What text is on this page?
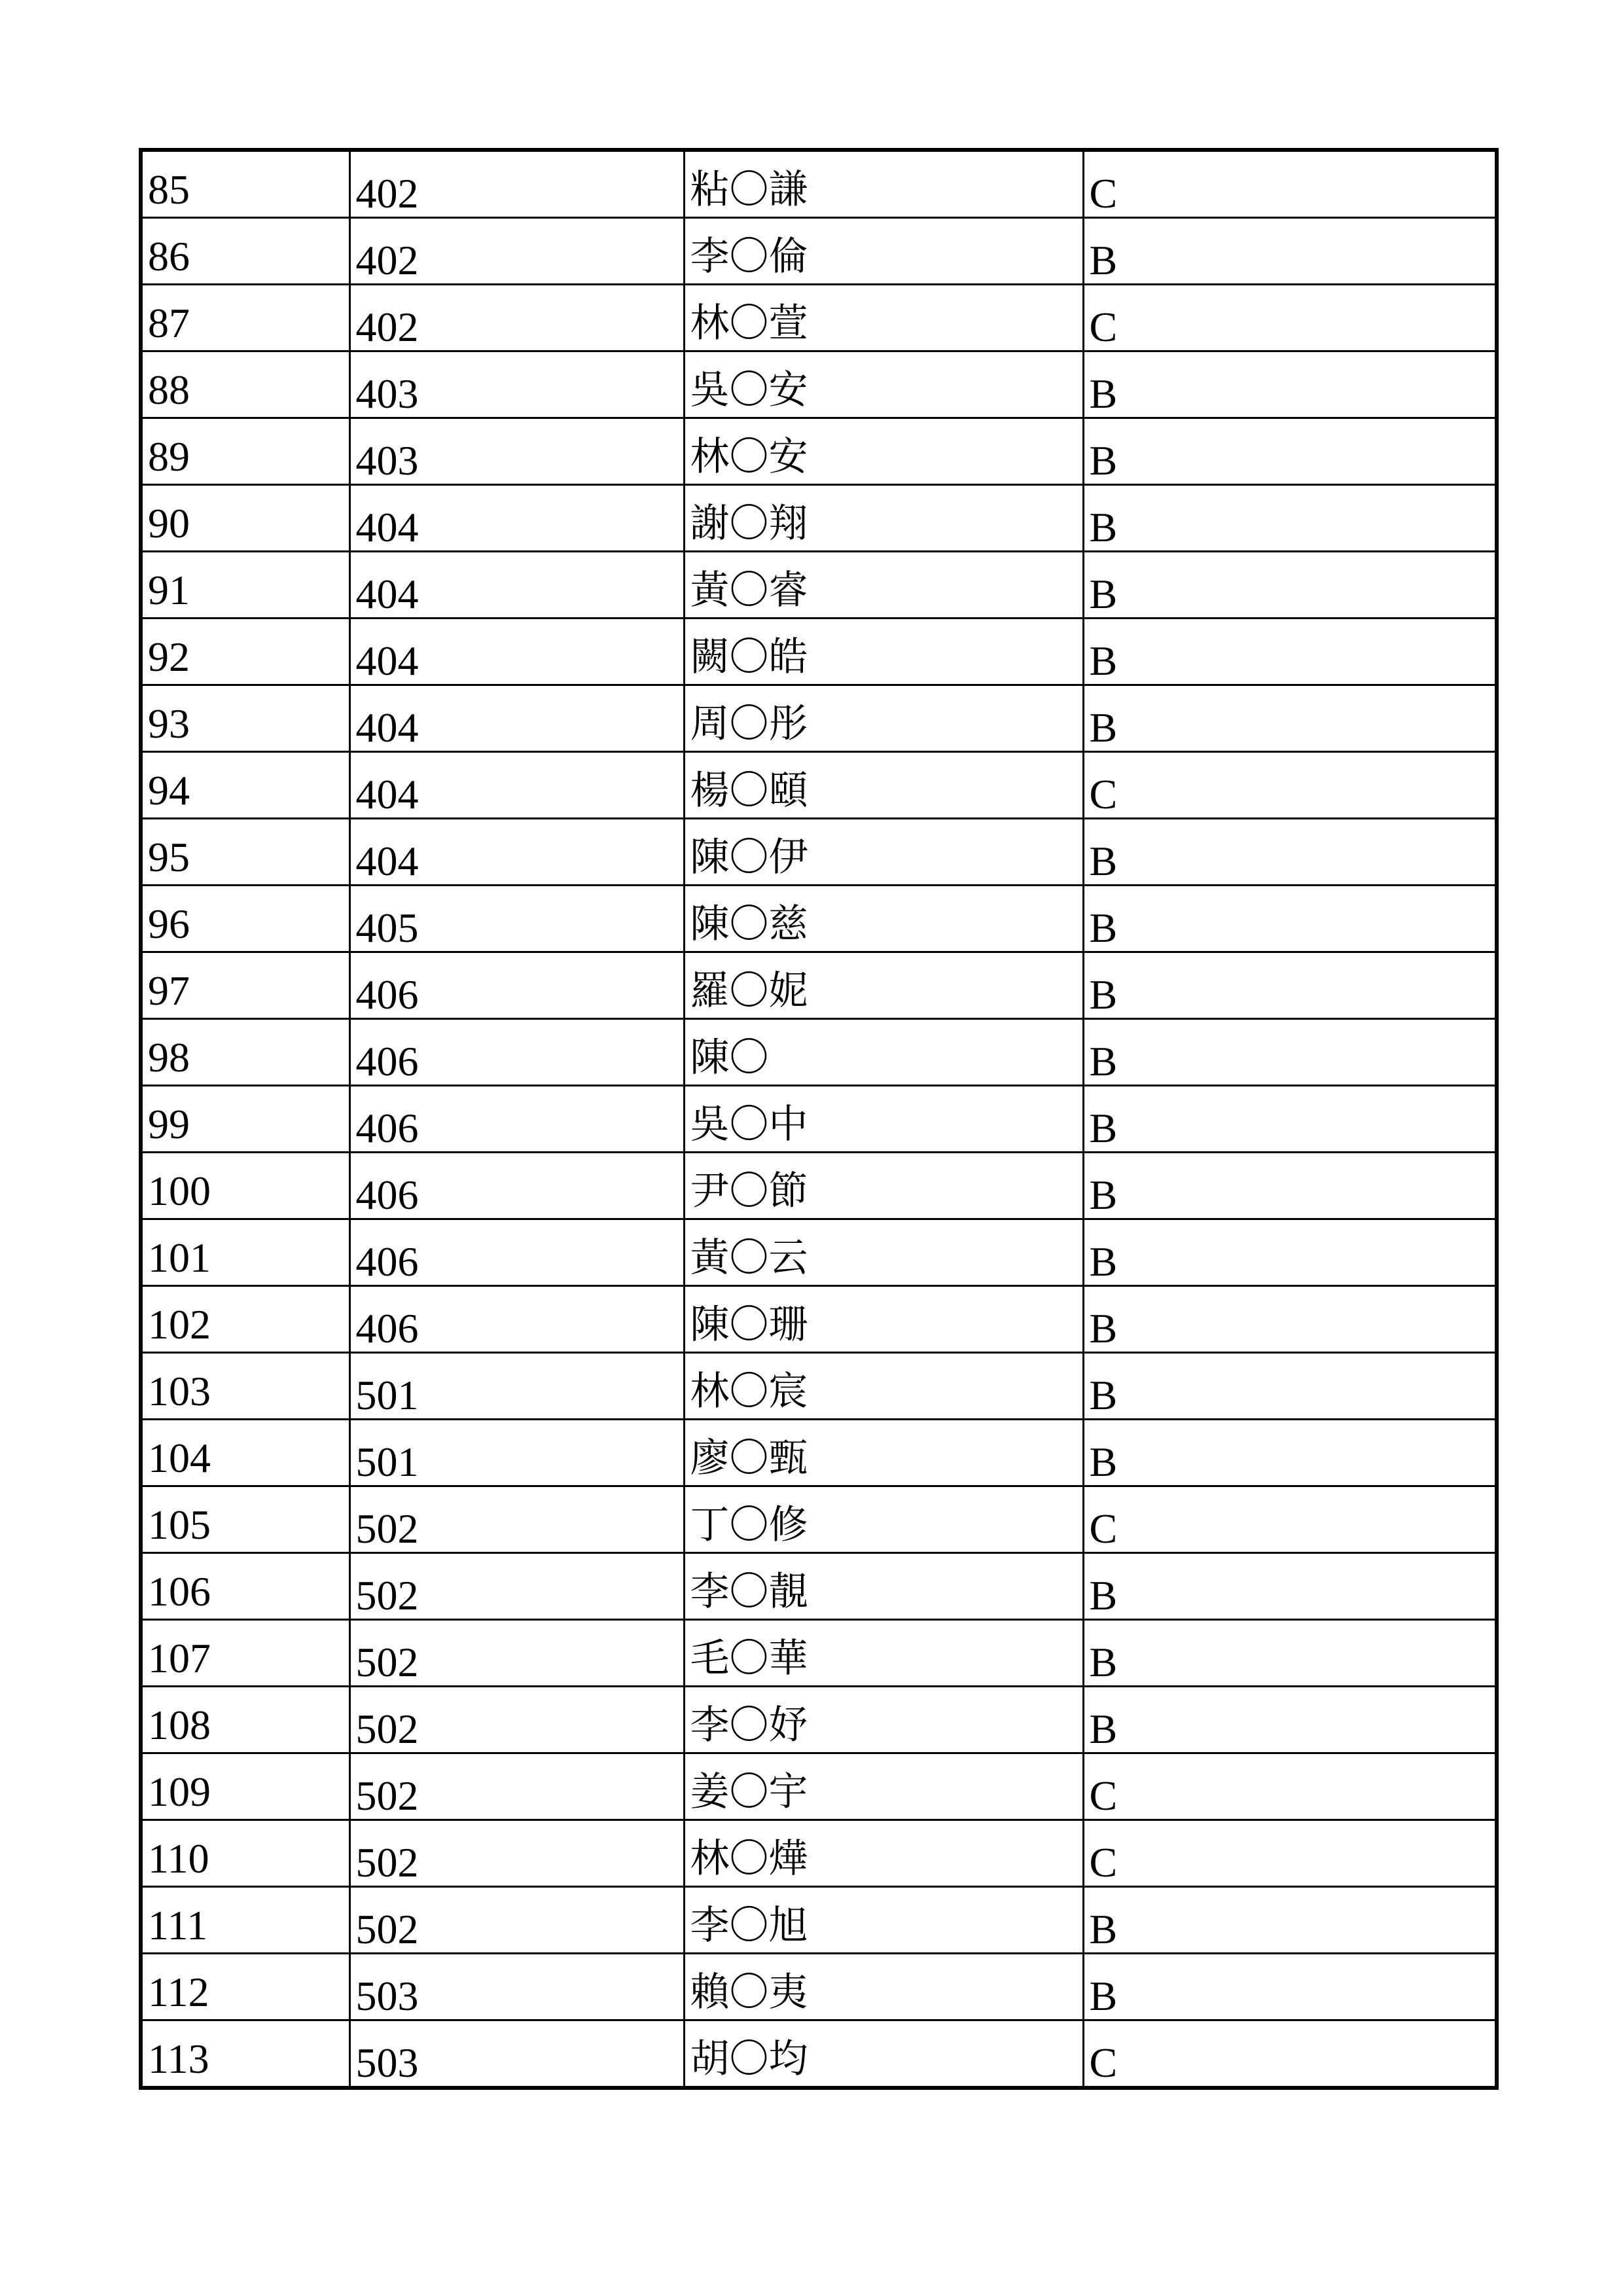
85	402	粘〇謙	C

86	402	李〇倫	B

87	402	林〇萱	C

88	403	吳〇安	B

89	403	林〇安	B

90	404	謝〇翔	B

91	404	黃〇睿	B

92	404	闕〇皓	B

93	404	周〇彤	B

94	404	楊〇頤	C

95	404	陳〇伊	B

96	405	陳〇慈	B

97	406	羅〇妮	B

98	406	陳〇	B

99	406	吳〇中	B

100	406	尹〇節	B

101	406	黃〇云	B

102	406	陳〇珊	B

103	501	林〇宸	B

104	501	廖〇甄	B

105	502	丁〇修	C

106	502	李〇靚	B

107	502	毛〇華	B

108	502	李〇妤	B

109	502	姜〇宇	C

110	502	林〇燁	C

111	502	李〇旭	B

112	503	賴〇夷	B

113	503	胡〇均	C
